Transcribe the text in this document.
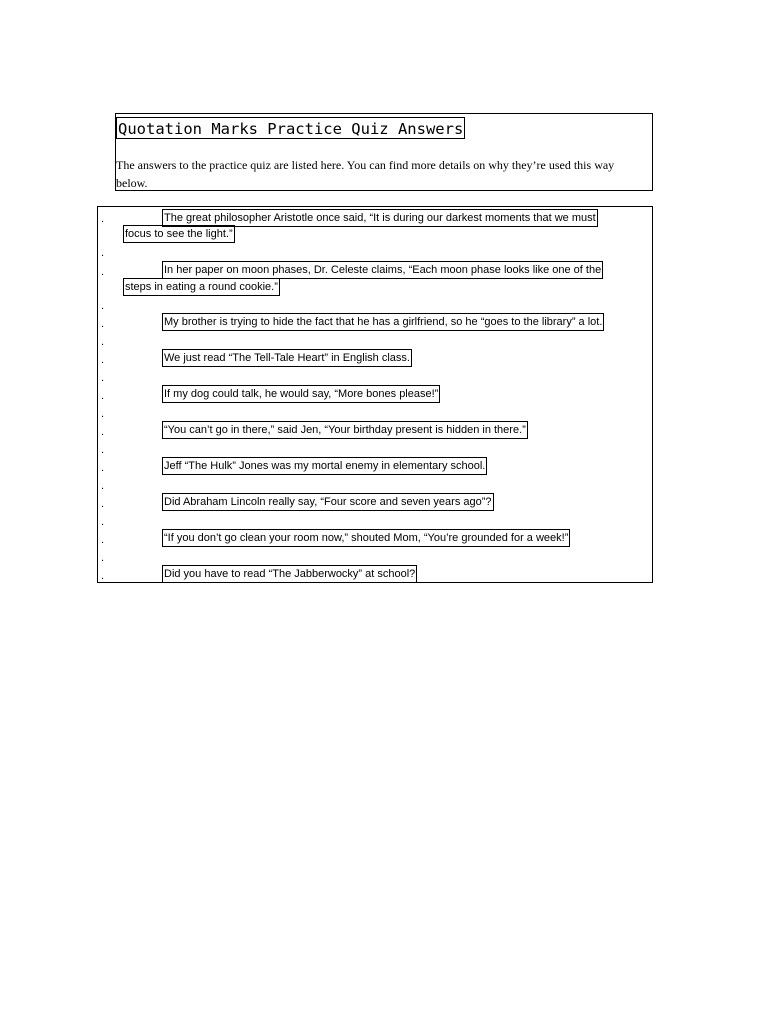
Quotation Marks Practice Quiz Answers
The answers to the practice quiz are listed here. You can find more details on why they’re used this way below.
.	The great philosopher Aristotle once said, “It is during our darkest moments that we must
focus to see the light.”
.
.	In her paper on moon phases, Dr. Celeste claims, “Each moon phase looks like one of the
steps in eating a round cookie.”
.
.	My brother is trying to hide the fact that he has a girlfriend, so he “goes to the library” a lot.
.
.	We just read “The Tell-Tale Heart” in English class.
.
.	If my dog could talk, he would say, “More bones please!”
.
.	“You can’t go in there,” said Jen, “Your birthday present is hidden in there.”
.
.	Jeff “The Hulk” Jones was my mortal enemy in elementary school.
.
.	Did Abraham Lincoln really say, “Four score and seven years ago”?
.
.	“If you don’t go clean your room now,” shouted Mom, “You’re grounded for a week!”
.
.	Did you have to read “The Jabberwocky” at school?
